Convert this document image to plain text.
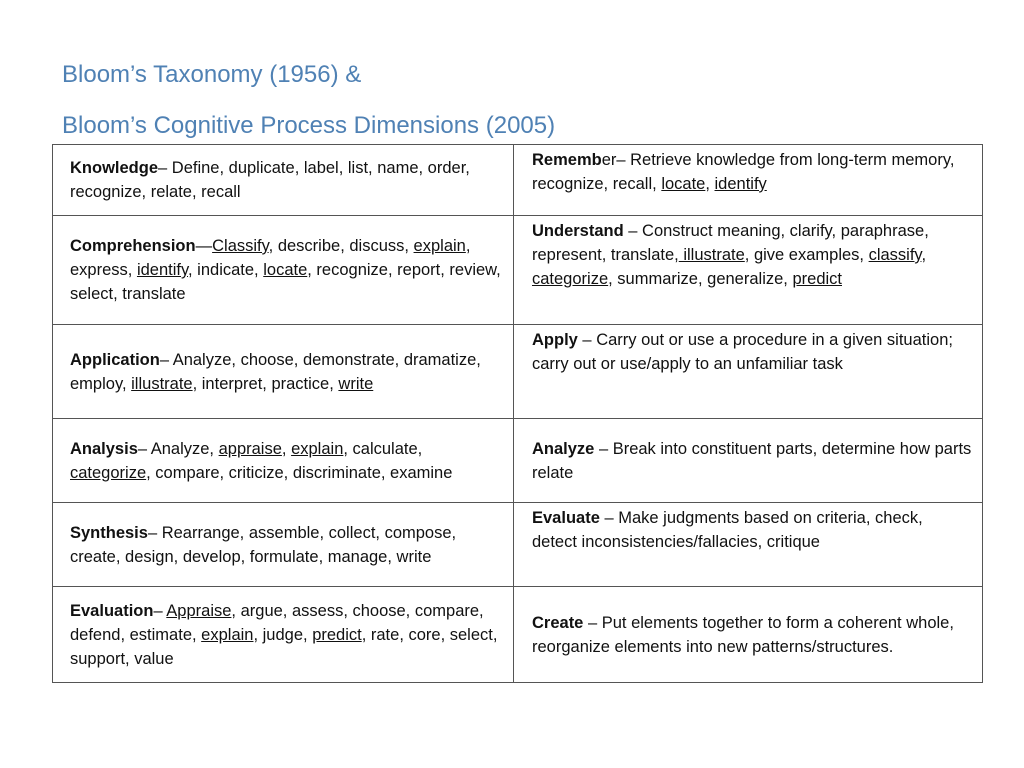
Bloom’s Taxonomy (1956) &
Bloom’s Cognitive Process Dimensions (2005)
Knowledge– Define, duplicate, label, list, name, order, recognize, relate, recall	Remember– Retrieve knowledge from long-term memory, recognize, recall, locate, identify
Comprehension—Classify, describe, discuss, explain, express, identify, indicate, locate, recognize, report, review, select, translate	Understand – Construct meaning, clarify, paraphrase, represent, translate, illustrate, give examples, classify, categorize, summarize, generalize, predict
Application– Analyze, choose, demonstrate, dramatize, employ, illustrate, interpret, practice, write	Apply – Carry out or use a procedure in a given situation; carry out or use/apply to an unfamiliar task
Analysis– Analyze, appraise, explain, calculate, categorize, compare, criticize, discriminate, examine	Analyze – Break into constituent parts, determine how parts relate
Synthesis– Rearrange, assemble, collect, compose, create, design, develop, formulate, manage, write	Evaluate – Make judgments based on criteria, check, detect inconsistencies/fallacies, critique
Evaluation– Appraise, argue, assess, choose, compare, defend, estimate, explain, judge, predict, rate, core, select, support, value	Create – Put elements together to form a coherent whole, reorganize elements into new patterns/structures.
